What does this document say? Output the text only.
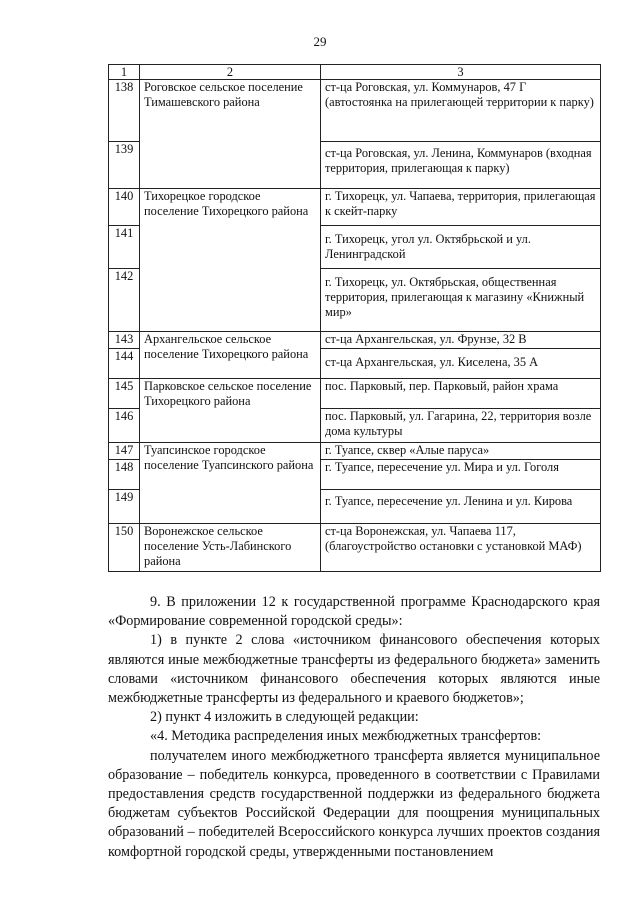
29
1	2	3
138	Роговское сельское поселение Тимашевского района	ст-ца Роговская, ул. Коммунаров, 47 Г (автостоянка на прилегающей территории к парку)
139		ст-ца Роговская, ул. Ленина, Коммунаров (входная территория, прилегающая к парку)
140	Тихорецкое городское поселение Тихорецкого района	г. Тихорецк, ул. Чапаева, территория, прилегающая к скейт-парку
141		г. Тихорецк, угол ул. Октябрьской и ул. Ленинградской
142		г. Тихорецк, ул. Октябрьская, общественная территория, прилегающая к магазину «Книжный мир»
143	Архангельское сельское поселение Тихорецкого района	ст-ца Архангельская, ул. Фрунзе, 32 В
144		ст-ца Архангельская, ул. Киселена, 35 А
145	Парковское сельское поселение Тихорецкого района	пос. Парковый, пер. Парковый, район храма
146		пос. Парковый, ул. Гагарина, 22, территория возле дома культуры
147	Туапсинское городское поселение Туапсинского района	г. Туапсе, сквер «Алые паруса»
148		г. Туапсе, пересечение ул. Мира и ул. Гоголя
149		г. Туапсе, пересечение ул. Ленина и ул. Кирова
150	Воронежское сельское поселение Усть-Лабинского района	ст-ца Воронежская, ул. Чапаева 117, (благоустройство остановки с установкой МАФ)

9. В приложении 12 к государственной программе Краснодарского края «Формирование современной городской среды»:

1) в пункте 2 слова «источником финансового обеспечения которых являются иные межбюджетные трансферты из федерального бюджета» заменить словами «источником финансового обеспечения которых являются иные межбюджетные трансферты из федерального и краевого бюджетов»;

2) пункт 4 изложить в следующей редакции:

«4. Методика распределения иных межбюджетных трансфертов:

получателем иного межбюджетного трансферта является муниципальное образование – победитель конкурса, проведенного в соответствии с Правилами предоставления средств государственной поддержки из федерального бюджета бюджетам субъектов Российской Федерации для поощрения муниципальных образований – победителей Всероссийского конкурса лучших проектов создания комфортной городской среды, утвержденными постановлением
